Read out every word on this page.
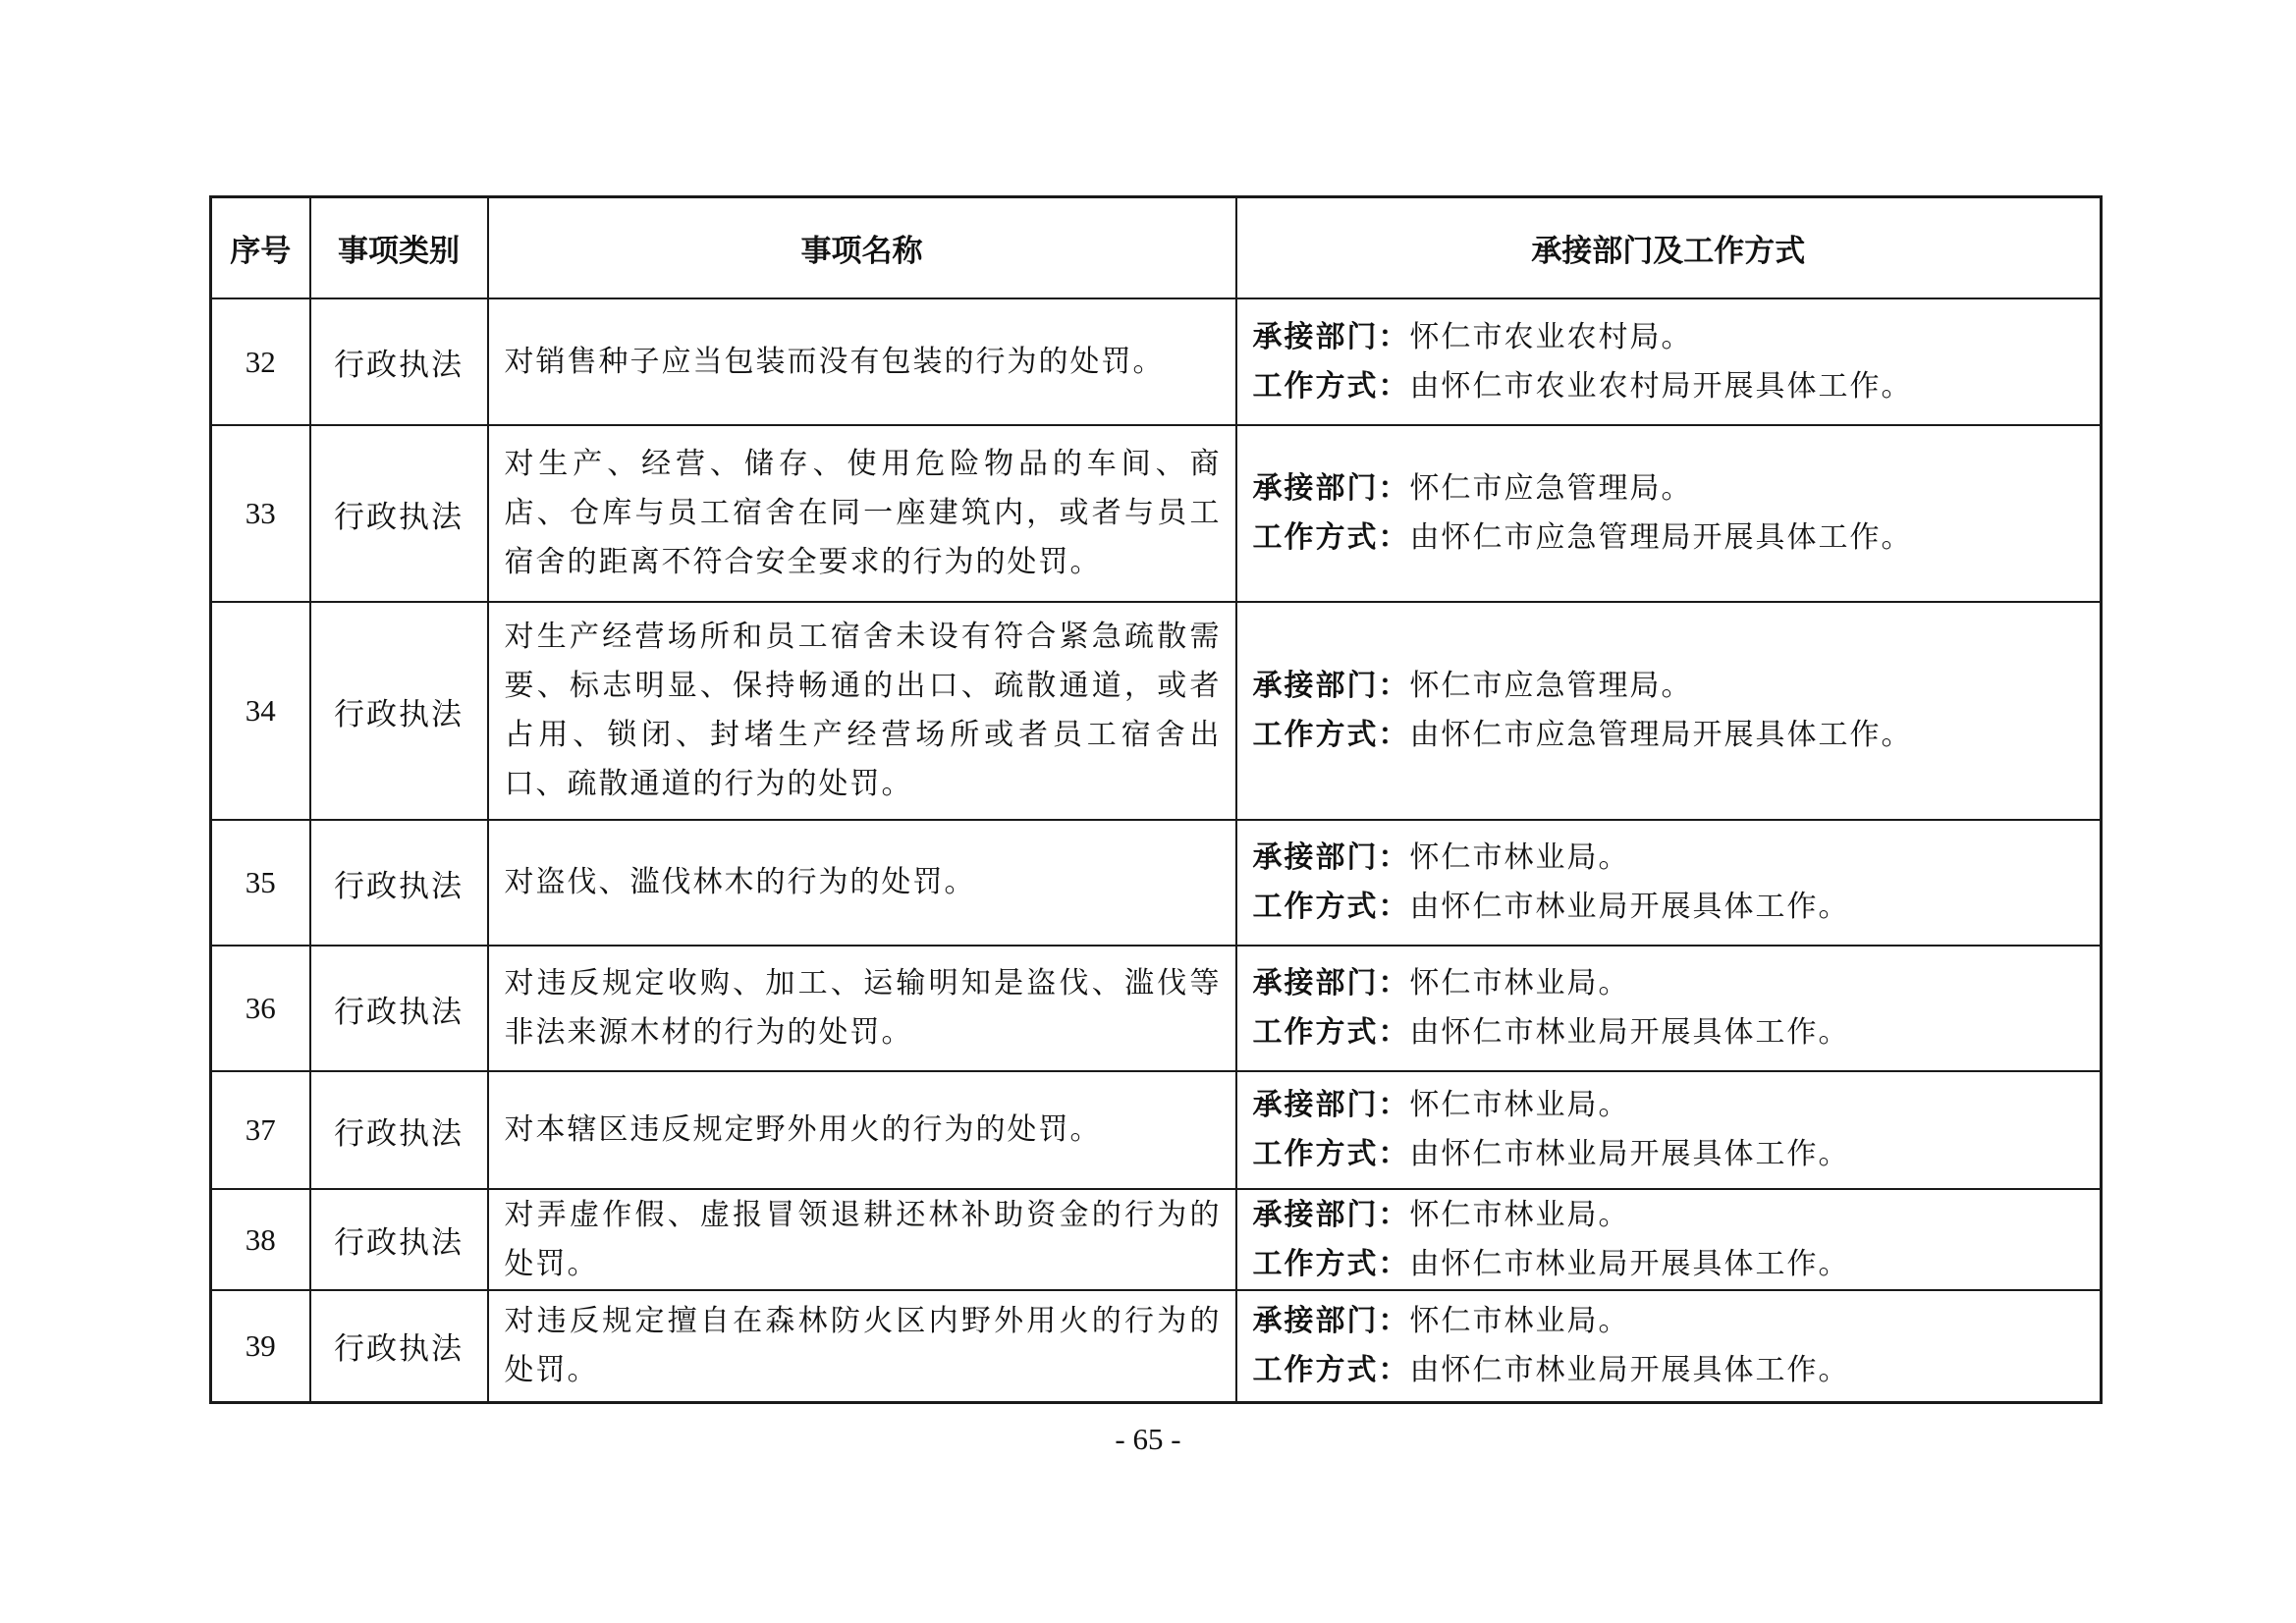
序号	事项类别	事项名称	承接部门及工作方式
32	行政执法	对销售种子应当包装而没有包装的行为的处罚。	承接部门：怀仁市农业农村局。
工作方式：由怀仁市农业农村局开展具体工作。

33	行政执法	对生产、经营、储存、使用危险物品的车间、商店、仓库与员工宿舍在同一座建筑内，或者与员工宿舍的距离不符合安全要求的行为的处罚。	承接部门：怀仁市应急管理局。
工作方式：由怀仁市应急管理局开展具体工作。

34	行政执法	对生产经营场所和员工宿舍未设有符合紧急疏散需要、标志明显、保持畅通的出口、疏散通道，或者占用、锁闭、封堵生产经营场所或者员工宿舍出口、疏散通道的行为的处罚。	承接部门：怀仁市应急管理局。
工作方式：由怀仁市应急管理局开展具体工作。

35	行政执法	对盗伐、滥伐林木的行为的处罚。	承接部门：怀仁市林业局。
工作方式：由怀仁市林业局开展具体工作。

36	行政执法	对违反规定收购、加工、运输明知是盗伐、滥伐等非法来源木材的行为的处罚。	承接部门：怀仁市林业局。
工作方式：由怀仁市林业局开展具体工作。

37	行政执法	对本辖区违反规定野外用火的行为的处罚。	承接部门：怀仁市林业局。
工作方式：由怀仁市林业局开展具体工作。

38	行政执法	对弄虚作假、虚报冒领退耕还林补助资金的行为的处罚。	承接部门：怀仁市林业局。
工作方式：由怀仁市林业局开展具体工作。

39	行政执法	对违反规定擅自在森林防火区内野外用火的行为的处罚。	承接部门：怀仁市林业局。
工作方式：由怀仁市林业局开展具体工作。
- 65 -
